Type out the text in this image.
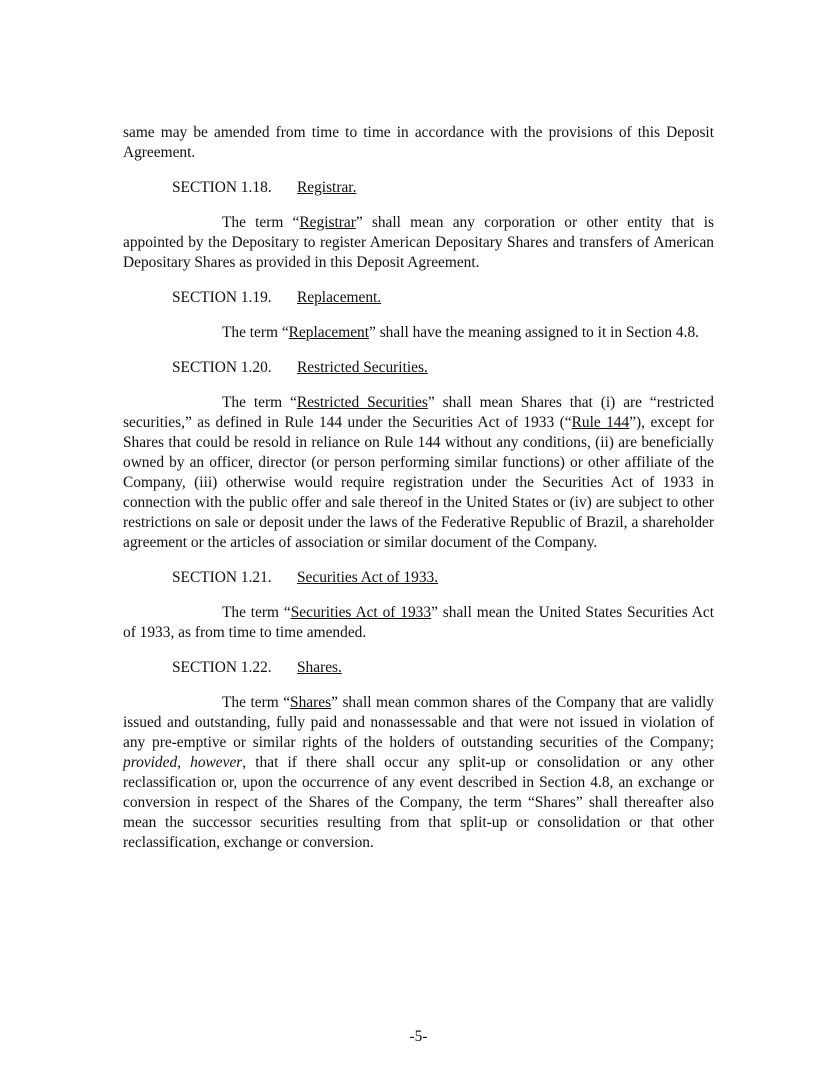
same may be amended from time to time in accordance with the provisions of this Deposit Agreement.

SECTION 1.18. Registrar.

The term “Registrar” shall mean any corporation or other entity that is appointed by the Depositary to register American Depositary Shares and transfers of American Depositary Shares as provided in this Deposit Agreement.

SECTION 1.19. Replacement.

The term “Replacement” shall have the meaning assigned to it in Section 4.8.

SECTION 1.20. Restricted Securities.

The term “Restricted Securities” shall mean Shares that (i) are “restricted securities,” as defined in Rule 144 under the Securities Act of 1933 (“Rule 144”), except for Shares that could be resold in reliance on Rule 144 without any conditions, (ii) are beneficially owned by an officer, director (or person performing similar functions) or other affiliate of the Company, (iii) otherwise would require registration under the Securities Act of 1933 in connection with the public offer and sale thereof in the United States or (iv) are subject to other restrictions on sale or deposit under the laws of the Federative Republic of Brazil, a shareholder agreement or the articles of association or similar document of the Company.

SECTION 1.21. Securities Act of 1933.

The term “Securities Act of 1933” shall mean the United States Securities Act of 1933, as from time to time amended.

SECTION 1.22. Shares.

The term “Shares” shall mean common shares of the Company that are validly issued and outstanding, fully paid and nonassessable and that were not issued in violation of any pre-emptive or similar rights of the holders of outstanding securities of the Company; provided, however, that if there shall occur any split-up or consolidation or any other reclassification or, upon the occurrence of any event described in Section 4.8, an exchange or conversion in respect of the Shares of the Company, the term “Shares” shall thereafter also mean the successor securities resulting from that split-up or consolidation or that other reclassification, exchange or conversion.

-5-
